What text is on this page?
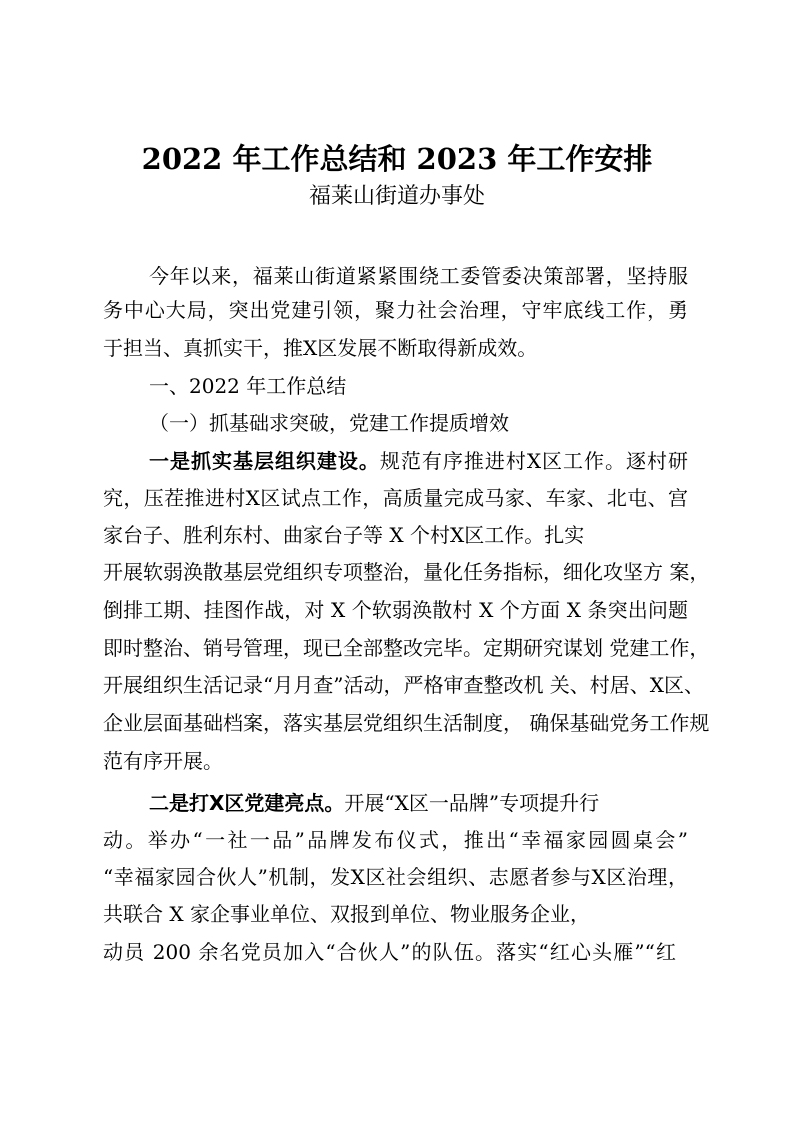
2022 年工作总结和 2023 年工作安排
福莱山街道办事处
今年以来，福莱山街道紧紧围绕工委管委决策部署，坚持服
务中心大局，突出党建引领，聚力社会治理，守牢底线工作，勇
于担当、真抓实干，推X区发展不断取得新成效。
一、2022 年工作总结
（一）抓基础求突破，党建工作提质增效
一是抓实基层组织建设。规范有序推进村X区工作。逐村研
究，压茬推进村X区试点工作，高质量完成马家、车家、北屯、宫
家台子、胜利东村、曲家台子等 X 个村X区工作。扎实
开展软弱涣散基层党组织专项整治，量化任务指标，细化攻坚方 案，
倒排工期、挂图作战，对 X 个软弱涣散村 X 个方面 X 条突出问题
即时整治、销号管理，现已全部整改完毕。定期研究谋划 党建工作，
开展组织生活记录“月月查”活动，严格审查整改机 关、村居、X区、
企业层面基础档案，落实基层党组织生活制度， 确保基础党务工作规
范有序开展。
二是打X区党建亮点。开展“X区一品牌”专项提升行
动。举办“一社一品”品牌发布仪式，推出“幸福家园圆桌会”
“幸福家园合伙人”机制，发X区社会组织、志愿者参与X区治理，
共联合 X 家企事业单位、双报到单位、物业服务企业，
动员 200 余名党员加入“合伙人”的队伍。落实“红心头雁”“红
